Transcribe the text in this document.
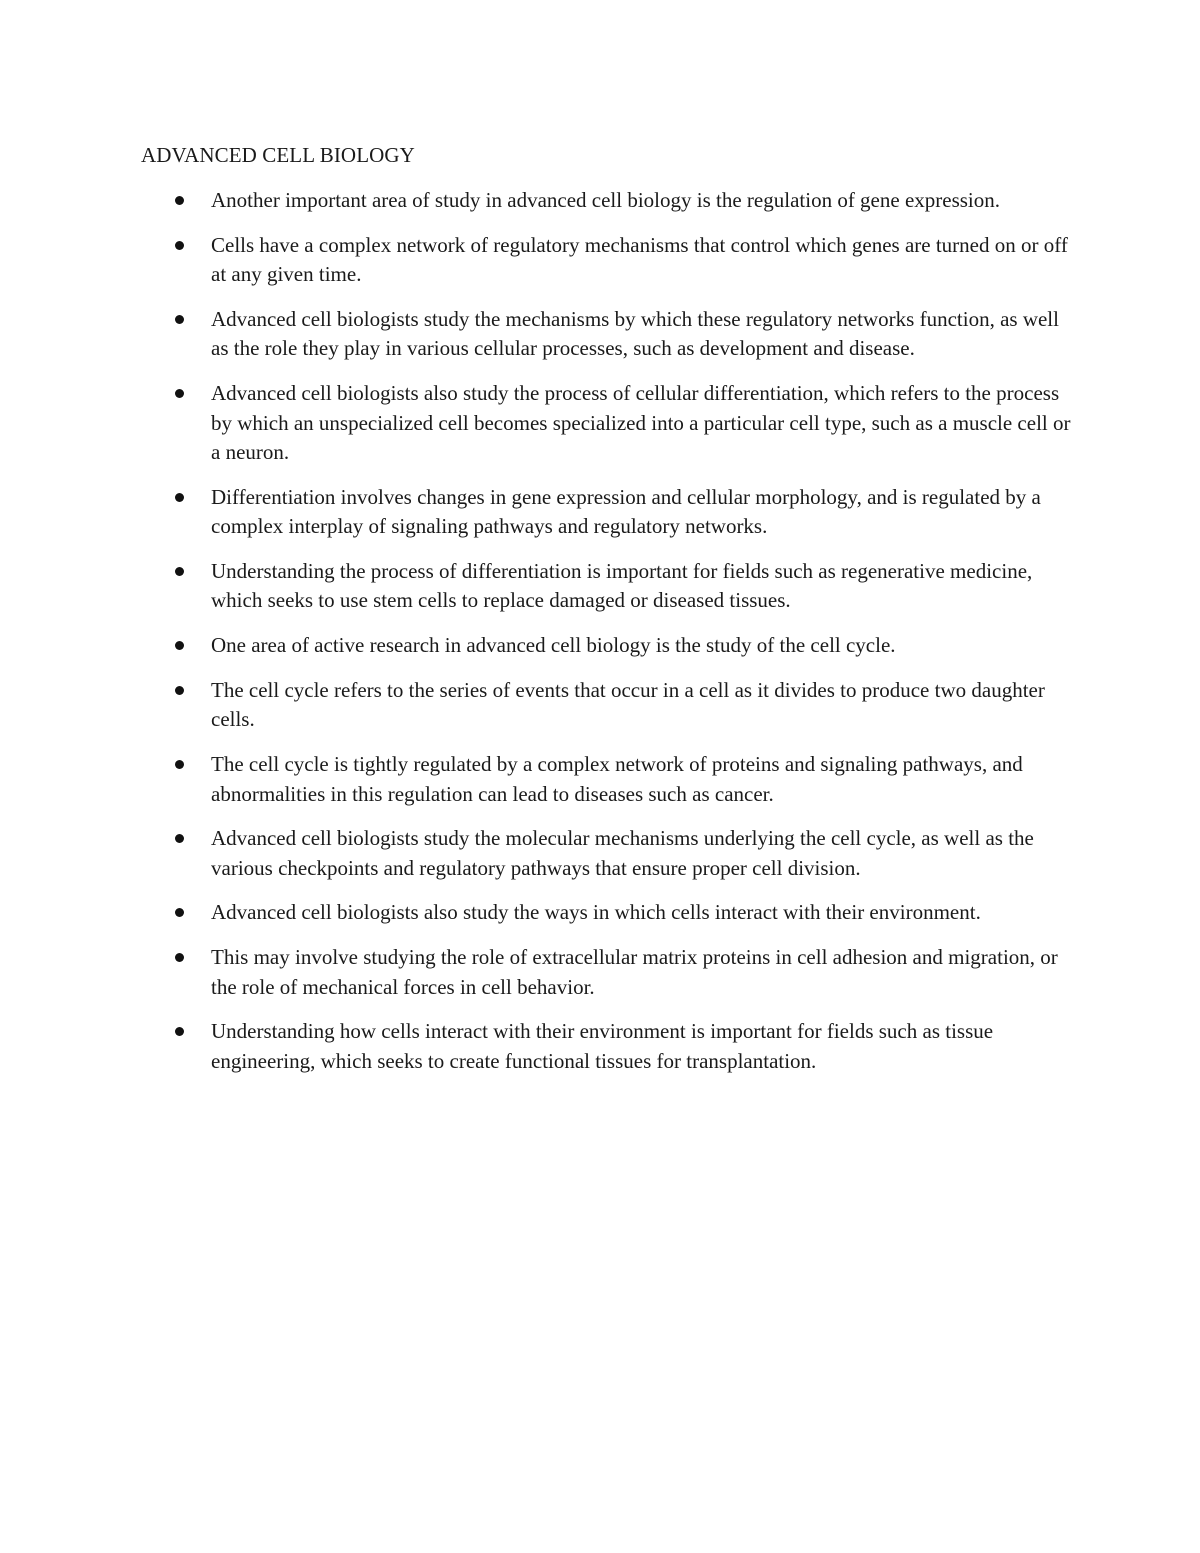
ADVANCED CELL BIOLOGY
Another important area of study in advanced cell biology is the regulation of gene expression.
Cells have a complex network of regulatory mechanisms that control which genes are turned on or off at any given time.
Advanced cell biologists study the mechanisms by which these regulatory networks function, as well as the role they play in various cellular processes, such as development and disease.
Advanced cell biologists also study the process of cellular differentiation, which refers to the process by which an unspecialized cell becomes specialized into a particular cell type, such as a muscle cell or a neuron.
Differentiation involves changes in gene expression and cellular morphology, and is regulated by a complex interplay of signaling pathways and regulatory networks.
Understanding the process of differentiation is important for fields such as regenerative medicine, which seeks to use stem cells to replace damaged or diseased tissues.
One area of active research in advanced cell biology is the study of the cell cycle.
The cell cycle refers to the series of events that occur in a cell as it divides to produce two daughter cells.
The cell cycle is tightly regulated by a complex network of proteins and signaling pathways, and abnormalities in this regulation can lead to diseases such as cancer.
Advanced cell biologists study the molecular mechanisms underlying the cell cycle, as well as the various checkpoints and regulatory pathways that ensure proper cell division.
Advanced cell biologists also study the ways in which cells interact with their environment.
This may involve studying the role of extracellular matrix proteins in cell adhesion and migration, or the role of mechanical forces in cell behavior.
Understanding how cells interact with their environment is important for fields such as tissue engineering, which seeks to create functional tissues for transplantation.
